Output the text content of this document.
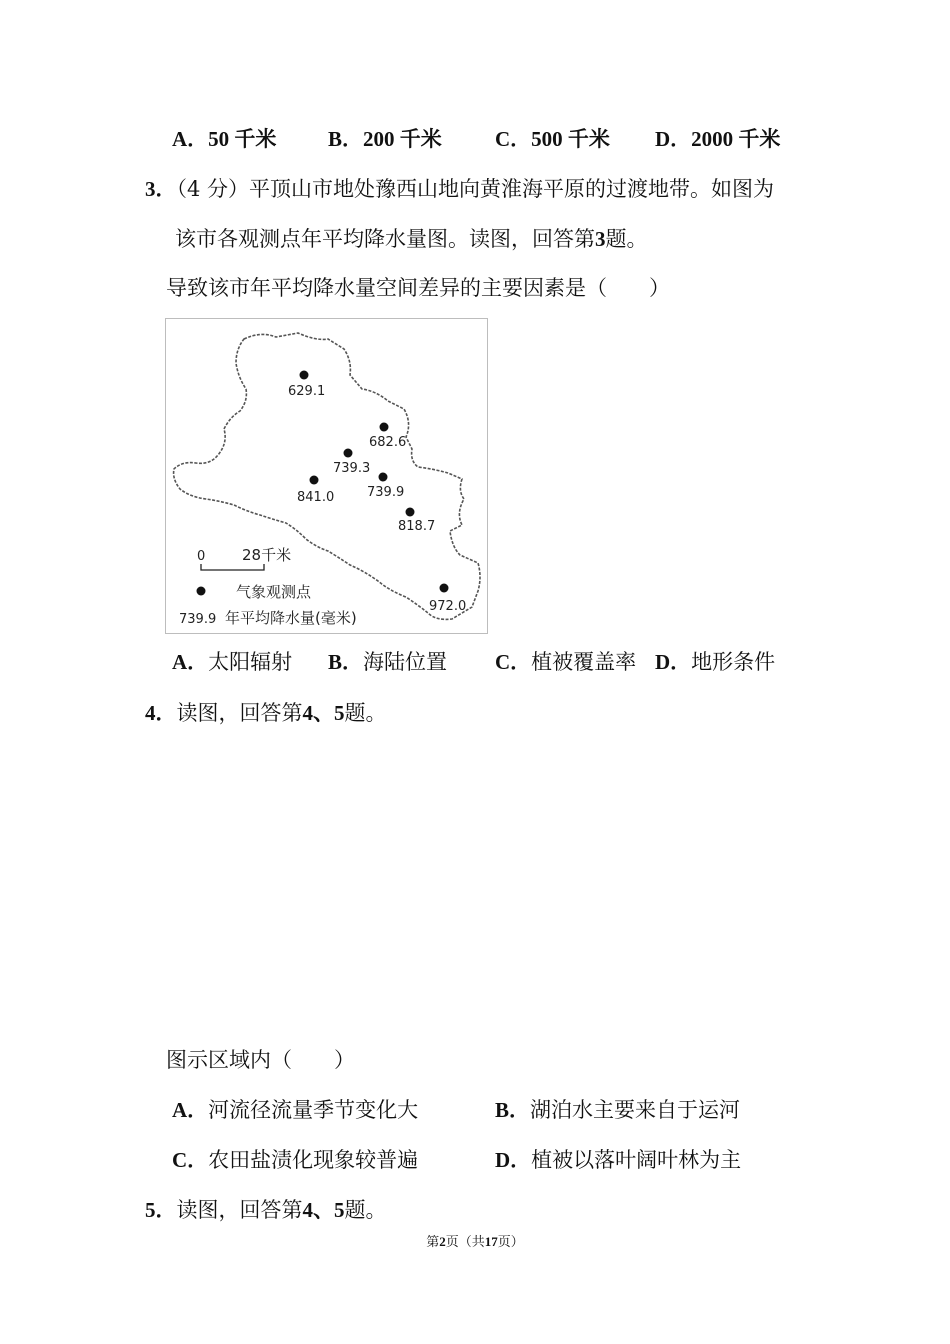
A．50 千米 B．200 千米	C．500 千米 D．2000 千米
3．（4 分）平顶山市地处豫西山地向黄淮海平原的过渡地带。如图为
该市各观测点年平均降水量图。读图，回答第3题。
导致该市年平均降水量空间差异的主要因素是（　　）
629.1
682.6
739.3
841.0	739.9
818.7
972.0
0 28千米
气象观测点
739.9 年平均降水量(毫米)
A．太阳辐射 B．海陆位置 C．植被覆盖率 D．地形条件
4．读图，回答第4、5题。
图示区域内（　　）
A．河流径流量季节变化大	B．湖泊水主要来自于运河
C．农田盐渍化现象较普遍	D．植被以落叶阔叶林为主
5．读图，回答第4、5题。
第2页（共17页）
